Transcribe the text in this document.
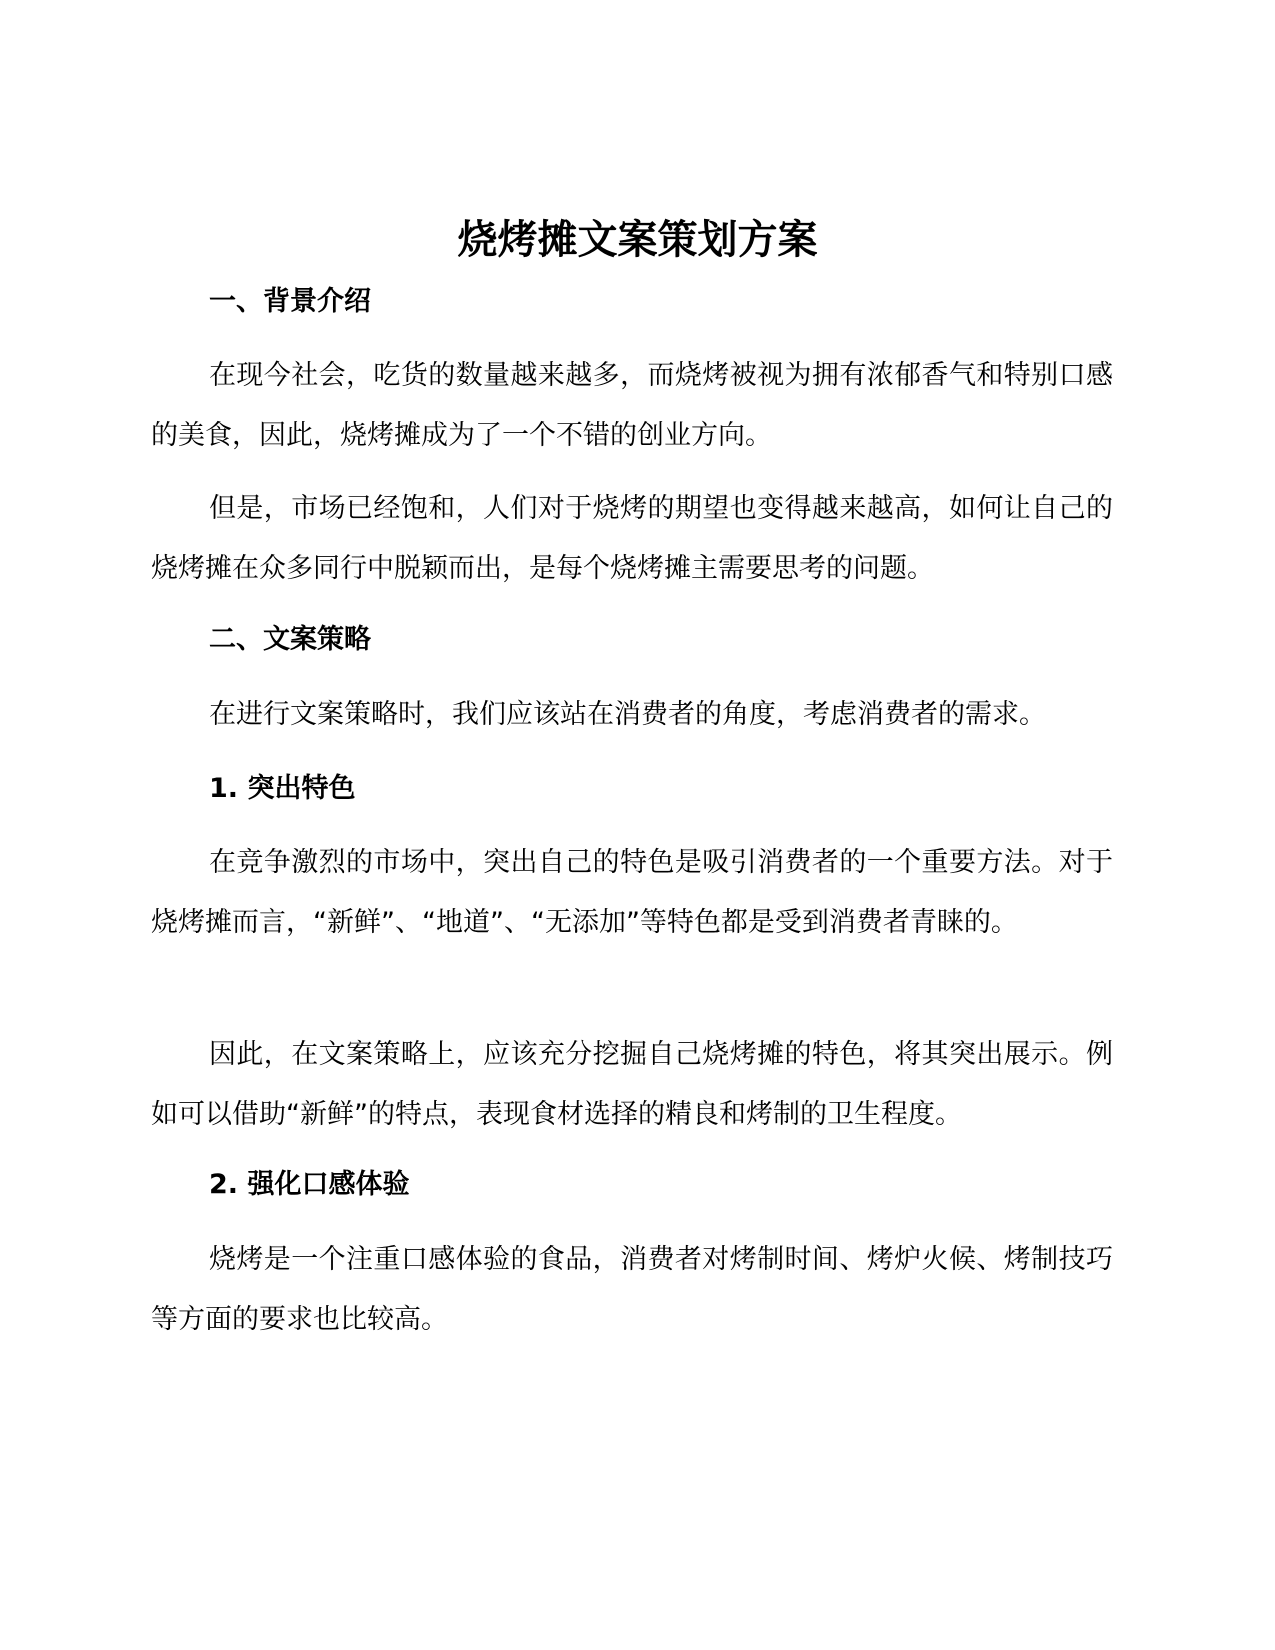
烧烤摊文案策划方案
一、背景介绍

在现今社会，吃货的数量越来越多，而烧烤被视为拥有浓郁香气和特别口感的美食，因此，烧烤摊成为了一个不错的创业方向。

但是，市场已经饱和，人们对于烧烤的期望也变得越来越高，如何让自己的烧烤摊在众多同行中脱颖而出，是每个烧烤摊主需要思考的问题。

二、文案策略

在进行文案策略时，我们应该站在消费者的角度，考虑消费者的需求。

1. 突出特色

在竞争激烈的市场中，突出自己的特色是吸引消费者的一个重要方法。对于烧烤摊而言，“新鲜”、“地道”、“无添加”等特色都是受到消费者青睐的。

因此，在文案策略上，应该充分挖掘自己烧烤摊的特色，将其突出展示。例如可以借助“新鲜”的特点，表现食材选择的精良和烤制的卫生程度。

2. 强化口感体验

烧烤是一个注重口感体验的食品，消费者对烤制时间、烤炉火候、烤制技巧等方面的要求也比较高。
